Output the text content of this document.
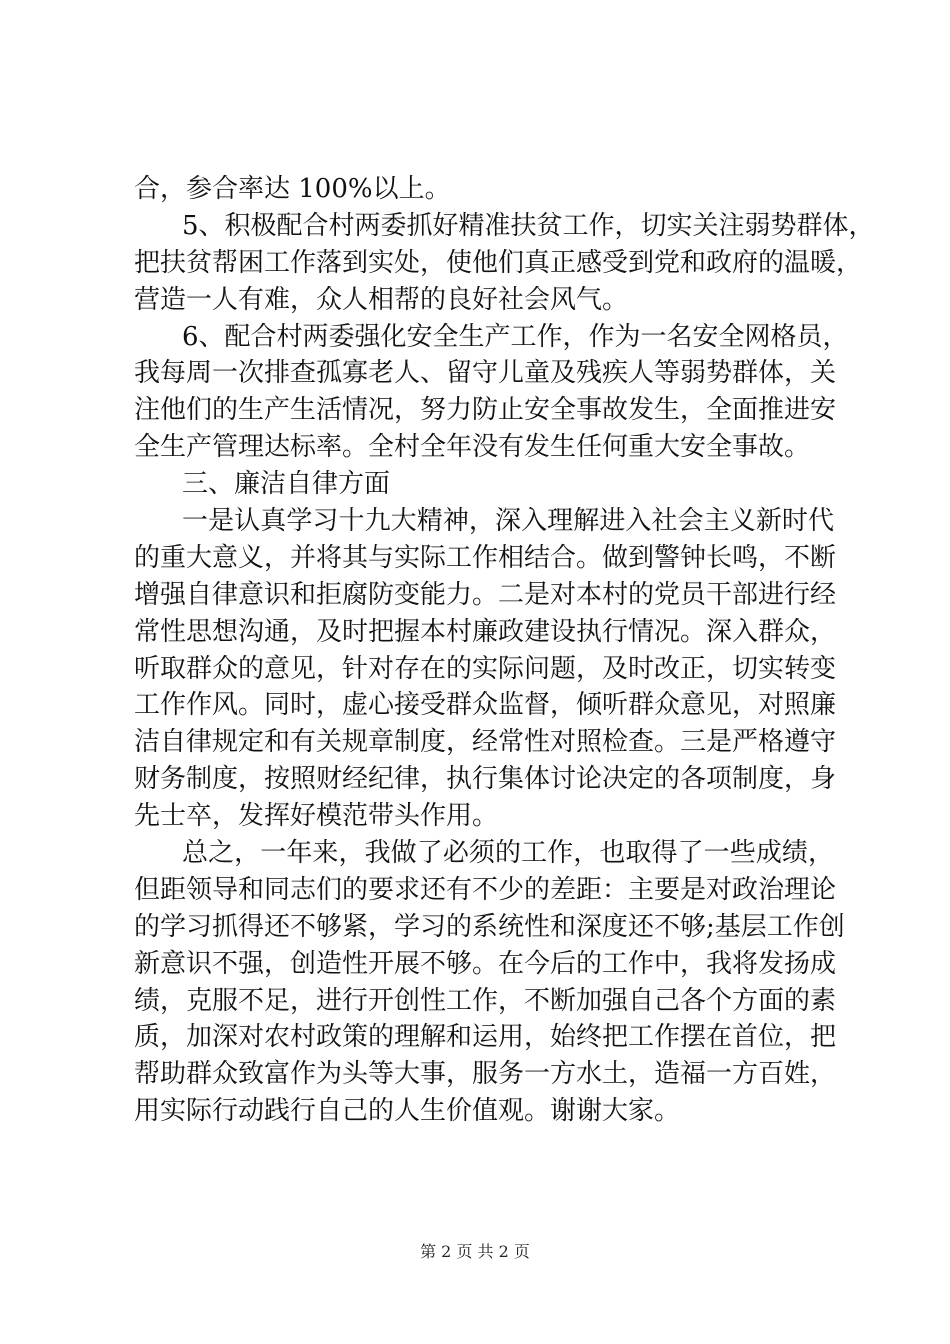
合，参合率达 100%以上。
5、积极配合村两委抓好精准扶贫工作，切实关注弱势群体，
把扶贫帮困工作落到实处，使他们真正感受到党和政府的温暖，
营造一人有难，众人相帮的良好社会风气。
6、配合村两委强化安全生产工作，作为一名安全网格员，
我每周一次排查孤寡老人、留守儿童及残疾人等弱势群体，关
注他们的生产生活情况，努力防止安全事故发生，全面推进安
全生产管理达标率。全村全年没有发生任何重大安全事故。
三、廉洁自律方面
一是认真学习十九大精神，深入理解进入社会主义新时代
的重大意义，并将其与实际工作相结合。做到警钟长鸣，不断
增强自律意识和拒腐防变能力。二是对本村的党员干部进行经
常性思想沟通，及时把握本村廉政建设执行情况。深入群众，
听取群众的意见，针对存在的实际问题，及时改正，切实转变
工作作风。同时，虚心接受群众监督，倾听群众意见，对照廉
洁自律规定和有关规章制度，经常性对照检查。三是严格遵守
财务制度，按照财经纪律，执行集体讨论决定的各项制度，身
先士卒，发挥好模范带头作用。
总之，一年来，我做了必须的工作，也取得了一些成绩，
但距领导和同志们的要求还有不少的差距：主要是对政治理论
的学习抓得还不够紧，学习的系统性和深度还不够;基层工作创
新意识不强，创造性开展不够。在今后的工作中，我将发扬成
绩，克服不足，进行开创性工作，不断加强自己各个方面的素
质，加深对农村政策的理解和运用，始终把工作摆在首位，把
帮助群众致富作为头等大事，服务一方水土，造福一方百姓，
用实际行动践行自己的人生价值观。谢谢大家。
第 2 页 共 2 页
